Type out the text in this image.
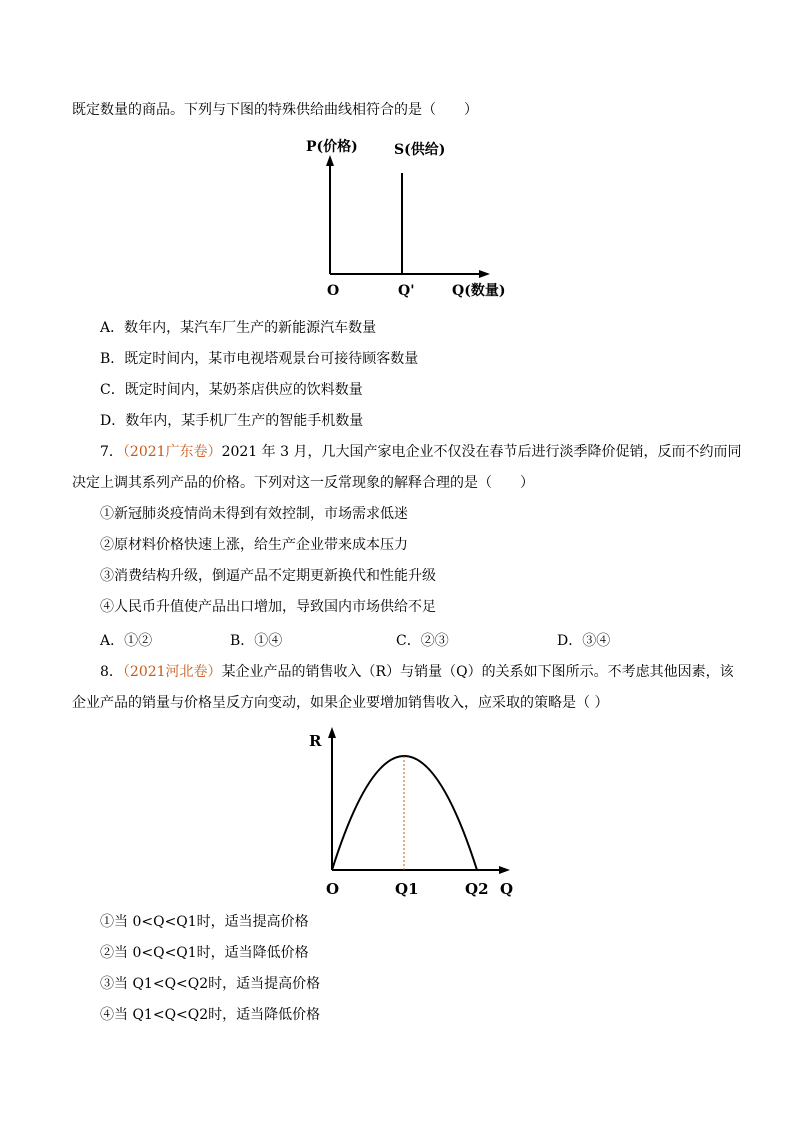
既定数量的商品。下列与下图的特殊供给曲线相符合的是（　　）
P(价格)	S(供给)
O	Q'	Q(数量)
A．数年内，某汽车厂生产的新能源汽车数量
B．既定时间内，某市电视塔观景台可接待顾客数量
C．既定时间内，某奶茶店供应的饮料数量
D．数年内，某手机厂生产的智能手机数量
7．（2021广东卷）2021 年 3 月，几大国产家电企业不仅没在春节后进行淡季降价促销，反而不约而同
决定上调其系列产品的价格。下列对这一反常现象的解释合理的是（　　）
①新冠肺炎疫情尚未得到有效控制，市场需求低迷
②原材料价格快速上涨，给生产企业带来成本压力
③消费结构升级，倒逼产品不定期更新换代和性能升级
④人民币升值使产品出口增加，导致国内市场供给不足
A．①②	B．①④	C．②③	D．③④
8．（2021河北卷）某企业产品的销售收入（R）与销量（Q）的关系如下图所示。不考虑其他因素，该
企业产品的销量与价格呈反方向变动，如果企业要增加销售收入，应采取的策略是（ ）
R
O	Q1	Q2 Q
①当 0<Q<Q1时，适当提高价格
②当 0<Q<Q1时，适当降低价格
③当 Q1<Q<Q2时，适当提高价格
④当 Q1<Q<Q2时，适当降低价格
